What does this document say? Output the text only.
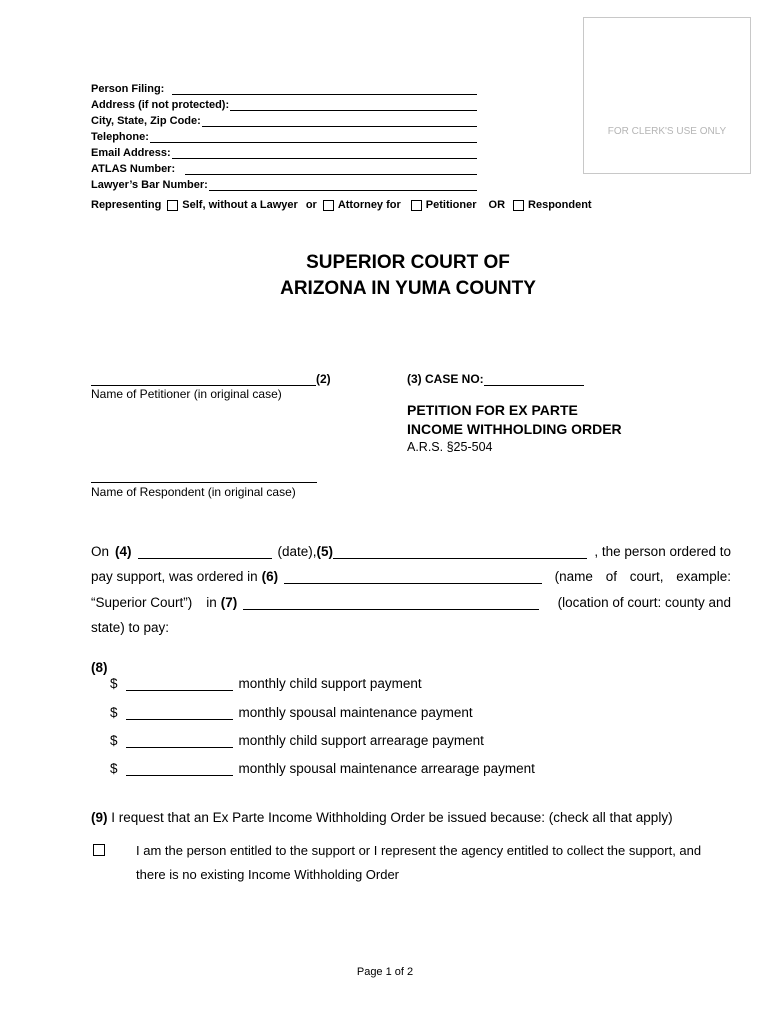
FOR CLERK'S USE ONLY
Person Filing:
Address (if not protected):
City, State, Zip Code:
Telephone:
Email Address:
ATLAS Number:
Lawyer’s Bar Number:
Representing Self, without a Lawyer or Attorney for Petitioner OR Respondent
SUPERIOR COURT OF
ARIZONA IN YUMA COUNTY
(2)
Name of Petitioner (in original case)
(3) CASE NO:
PETITION FOR EX PARTE
INCOME WITHHOLDING ORDER
A.R.S. §25-504
Name of Respondent (in original case)
On (4)	(date), (5)	, the person ordered to
pay support, was ordered in (6)	(name of court, example:
“Superior Court”) in (7)	(location of court: county and
state) to pay:
(8)
$	monthly child support payment
$	monthly spousal maintenance payment
$	monthly child support arrearage payment
$	monthly spousal maintenance arrearage payment
(9) I request that an Ex Parte Income Withholding Order be issued because: (check all that apply)
I am the person entitled to the support or I represent the agency entitled to collect the support, and
there is no existing Income Withholding Order
Page 1 of 2
